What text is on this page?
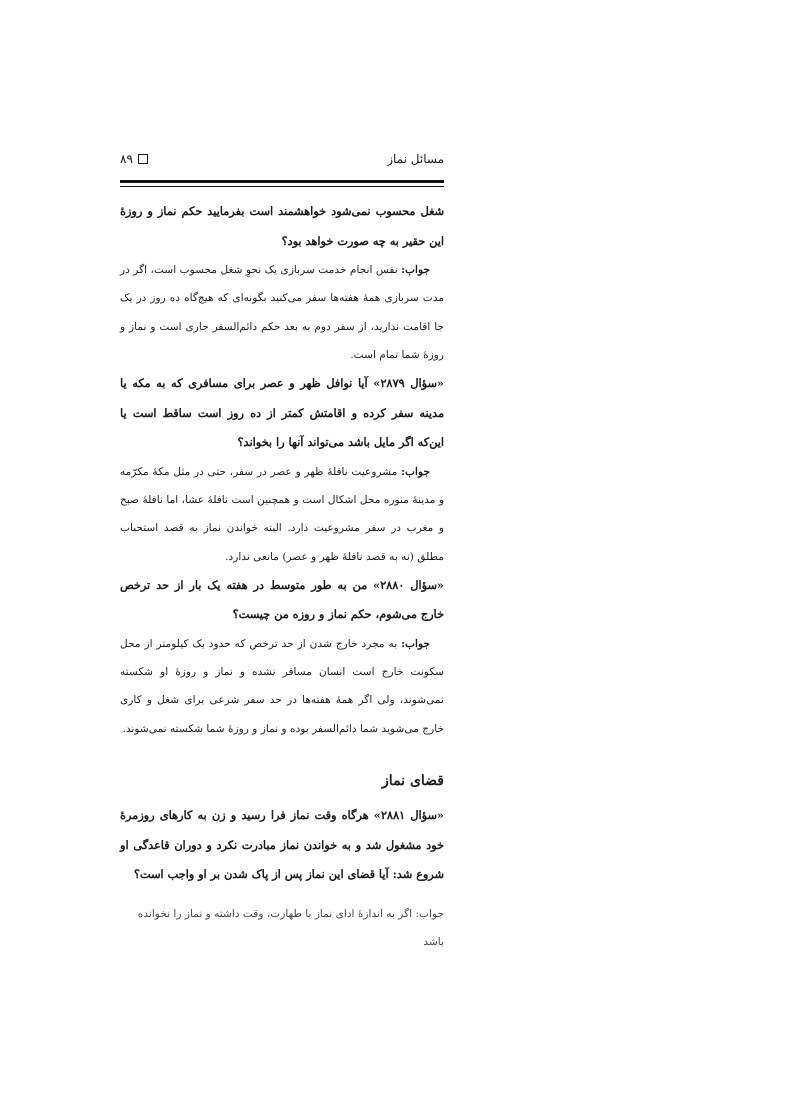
مسائل نماز
۸۹

شغل محسوب نمی‌شود خواهشمند است بفرمایید حکم نماز و روزهٔ این حقیر به چه صورت خواهد بود؟

جواب: نفس انجام خدمت سربازی یک نحوِ شغل محسوب است، اگر در مدت سربازی همهٔ هفته‌ها سفر می‌کنید بگونه‌ای که هیچ‌گاه ده روز در یک جا اقامت ندارید، از سفر دوم به بعد حکم دائم‌السفر جاری است و نماز و روزهٔ شما تمام است.

«سؤال ۲۸۷۹» آیا نوافل ظهر و عصر برای مسافری که به مکه یا مدینه سفر کرده و اقامتش کمتر از ده روز است ساقط است یا این‌که اگر مایل باشد می‌تواند آنها را بخواند؟

جواب: مشروعیت نافلهٔ ظهر و عصر در سفر، حتی در مثل مکهٔ مکرّمه و مدینهٔ منوره محل اشکال است و همچنین است نافلهٔ عشا، اما نافلهٔ صبح و مغرب در سفر مشروعیت دارد. البته خواندن نماز به قصد استحباب مطلق (نه به قصد نافلهٔ ظهر و عصر) مانعی ندارد.

«سؤال ۲۸۸۰» من به طور متوسط در هفته یک بار از حد ترخص خارج می‌شوم، حکم نماز و روزه من چیست؟

جواب: به مجرد خارج شدن از حد ترخص که حدود یک کیلومتر از محل سکونت خارج است انسان مسافر نشده و نماز و روزهٔ او شکسته نمی‌شوند، ولی اگر همهٔ هفته‌ها در حد سفر شرعی برای شغل و کاری خارج می‌شوید شما دائم‌السفر بوده و نماز و روزهٔ شما شکسته نمی‌شوند.

قضای نماز

«سؤال ۲۸۸۱» هرگاه وقت نماز فرا رسید و زن به کارهای روزمرهٔ خود مشغول شد و به خواندن نماز مبادرت نکرد و دوران قاعدگی او شروع شد: آیا قضای این نماز پس از پاک شدن بر او واجب است؟

جواب: اگر به اندازهٔ ادای نماز با طهارت، وقت داشته و نماز را نخوانده باشد
